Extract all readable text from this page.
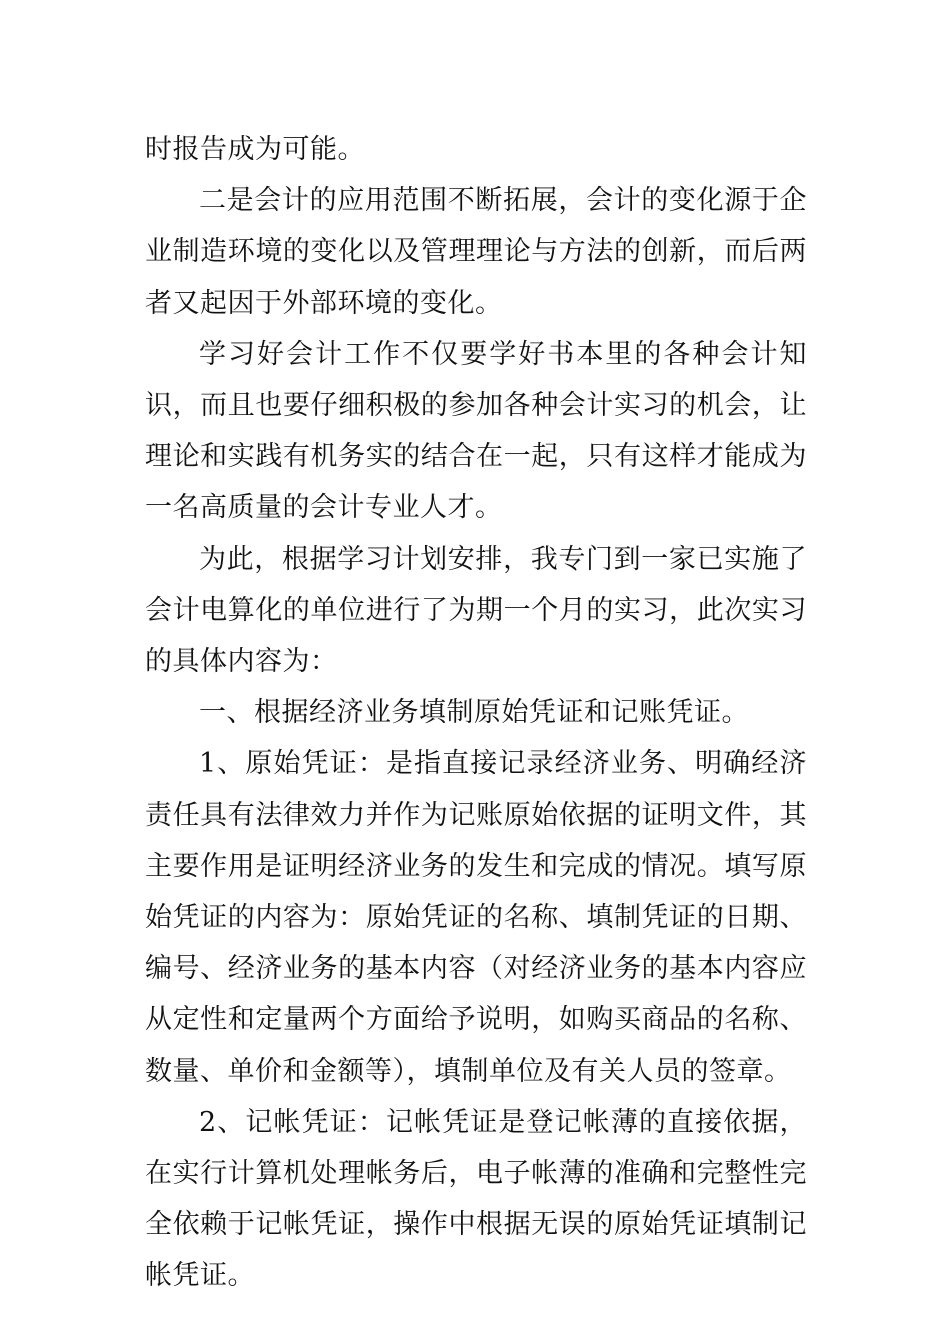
时报告成为可能。

二是会计的应用范围不断拓展，会计的变化源于企业制造环境的变化以及管理理论与方法的创新，而后两者又起因于外部环境的变化。

学习好会计工作不仅要学好书本里的各种会计知识，而且也要仔细积极的参加各种会计实习的机会，让理论和实践有机务实的结合在一起，只有这样才能成为一名高质量的会计专业人才。

为此，根据学习计划安排，我专门到一家已实施了会计电算化的单位进行了为期一个月的实习，此次实习的具体内容为：

一、根据经济业务填制原始凭证和记账凭证。

1、原始凭证：是指直接记录经济业务、明确经济责任具有法律效力并作为记账原始依据的证明文件，其主要作用是证明经济业务的发生和完成的情况。填写原始凭证的内容为：原始凭证的名称、填制凭证的日期、编号、经济业务的基本内容（对经济业务的基本内容应从定性和定量两个方面给予说明，如购买商品的名称、数量、单价和金额等），填制单位及有关人员的签章。

2、记帐凭证：记帐凭证是登记帐薄的直接依据，在实行计算机处理帐务后，电子帐薄的准确和完整性完全依赖于记帐凭证，操作中根据无误的原始凭证填制记帐凭证。
